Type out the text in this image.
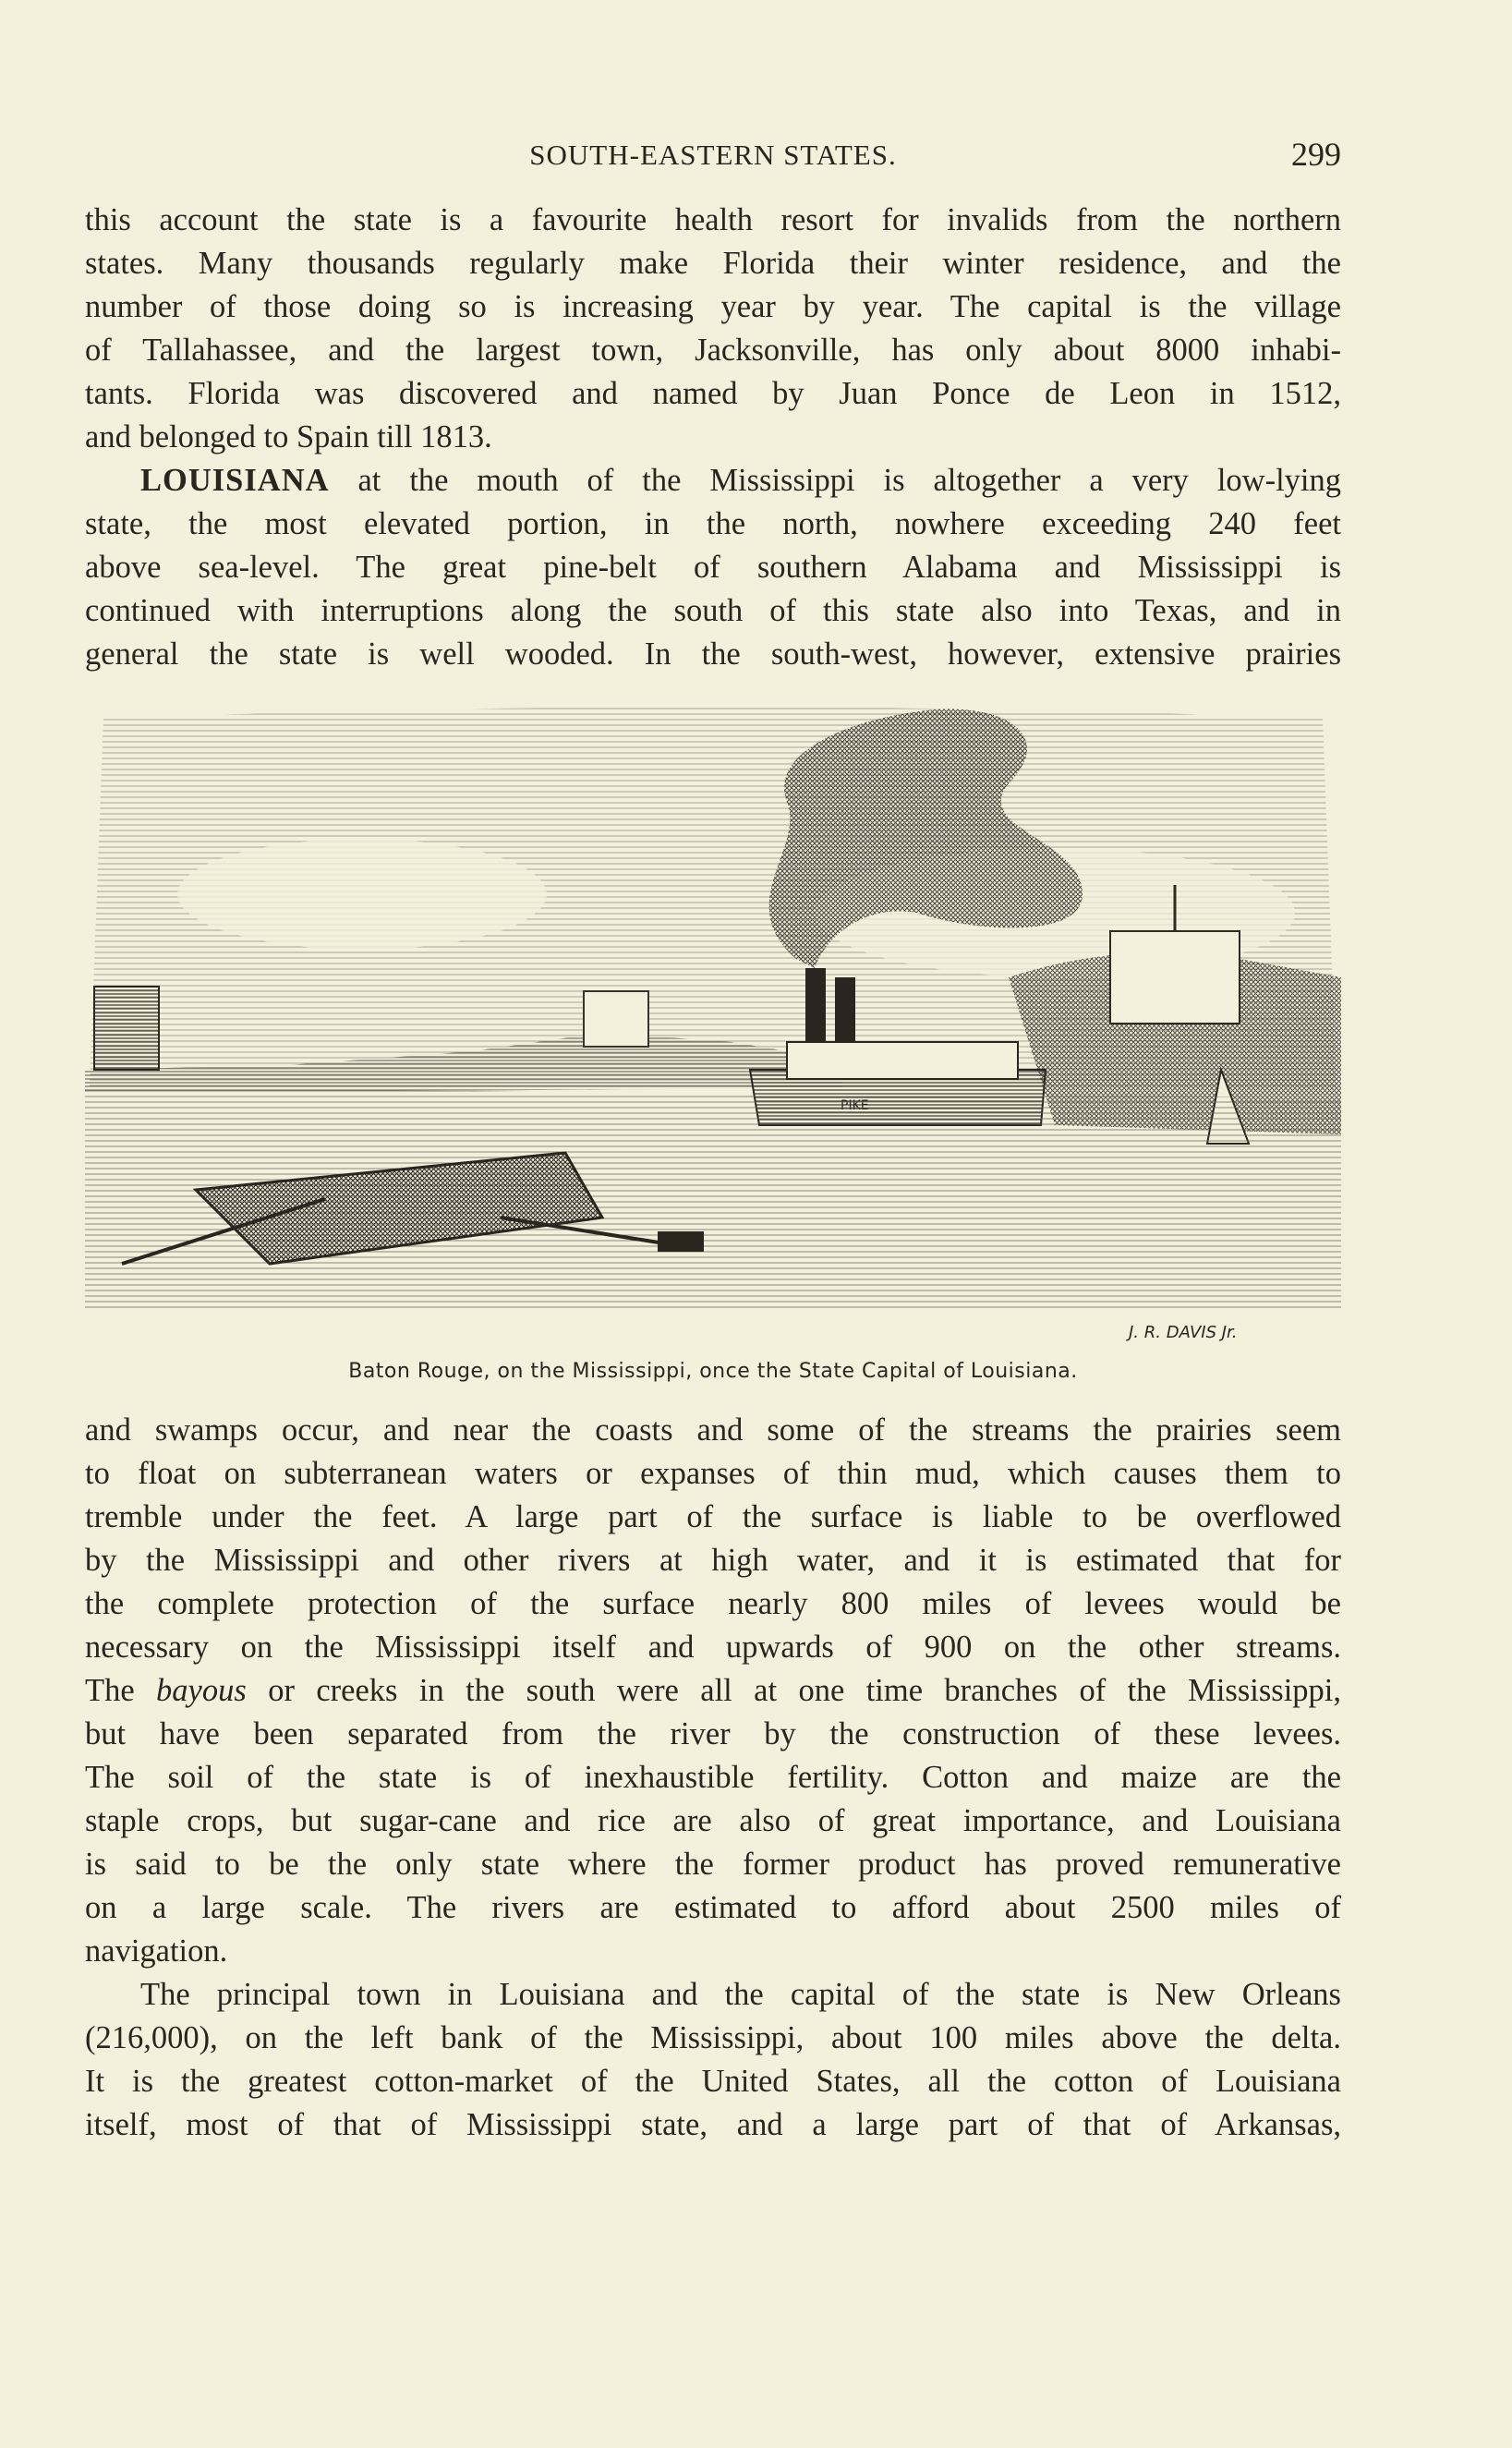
SOUTH-EASTERN STATES.	299
this account the state is a favourite health resort for invalids from the northern
states. Many thousands regularly make Florida their winter residence, and the
number of those doing so is increasing year by year. The capital is the village
of Tallahassee, and the largest town, Jacksonville, has only about 8000 inhabi-
tants. Florida was discovered and named by Juan Ponce de Leon in 1512,
and belonged to Spain till 1813.
LOUISIANA at the mouth of the Mississippi is altogether a very low-lying
state, the most elevated portion, in the north, nowhere exceeding 240 feet
above sea-level. The great pine-belt of southern Alabama and Mississippi is
continued with interruptions along the south of this state also into Texas, and in
general the state is well wooded. In the south-west, however, extensive prairies
J. R. DAVIS Jr.
Baton Rouge, on the Mississippi, once the State Capital of Louisiana.
and swamps occur, and near the coasts and some of the streams the prairies seem
to float on subterranean waters or expanses of thin mud, which causes them to
tremble under the feet. A large part of the surface is liable to be overflowed
by the Mississippi and other rivers at high water, and it is estimated that for
the complete protection of the surface nearly 800 miles of levees would be
necessary on the Mississippi itself and upwards of 900 on the other streams.
The bayous or creeks in the south were all at one time branches of the Mississippi,
but have been separated from the river by the construction of these levees.
The soil of the state is of inexhaustible fertility. Cotton and maize are the
staple crops, but sugar-cane and rice are also of great importance, and Louisiana
is said to be the only state where the former product has proved remunerative
on a large scale. The rivers are estimated to afford about 2500 miles of
navigation.
The principal town in Louisiana and the capital of the state is New Orleans
(216,000), on the left bank of the Mississippi, about 100 miles above the delta.
It is the greatest cotton-market of the United States, all the cotton of Louisiana
itself, most of that of Mississippi state, and a large part of that of Arkansas,
